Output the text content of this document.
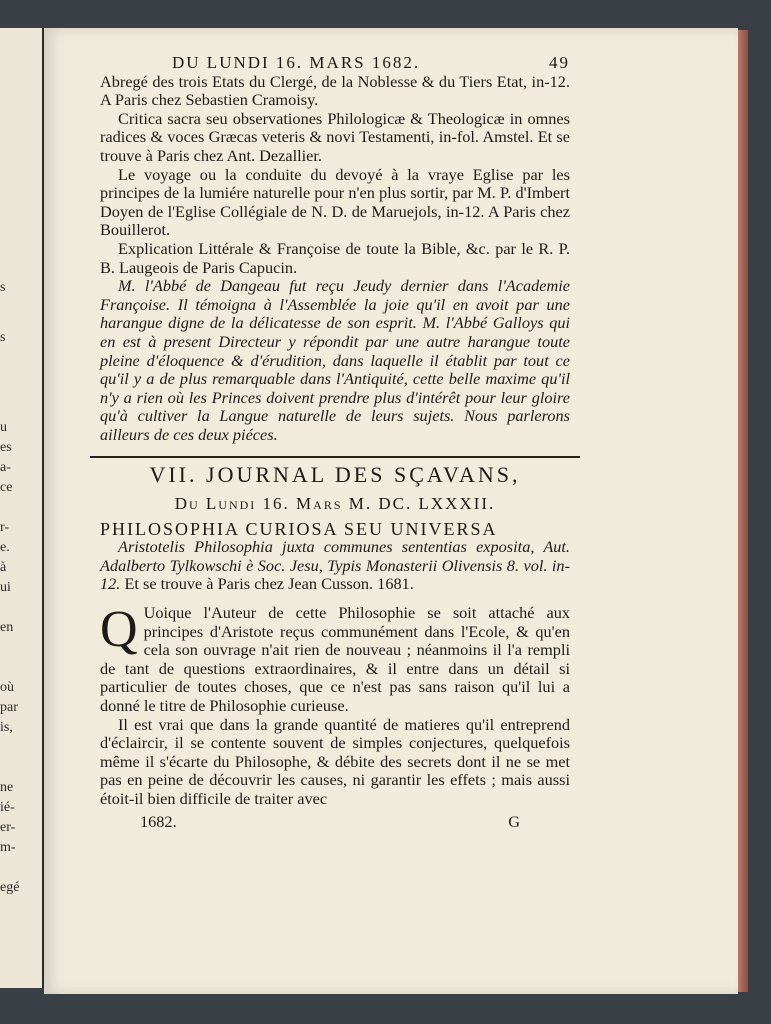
s
s
u
es
a-
ce
r-
e.
à
ui
en
où
par
is,
ne
ié-
er-
m-
egé
DU LUNDI 16. MARS 1682.	49

Abregé des trois Etats du Clergé, de la Noblesse & du Tiers Etat, in-12. A Paris chez Sebastien Cramoisy.

Critica sacra seu observationes Philologicæ & Theologicæ in omnes radices & voces Græcas veteris & novi Testamenti, in-fol. Amstel. Et se trouve à Paris chez Ant. Dezallier.

Le voyage ou la conduite du devoyé à la vraye Eglise par les principes de la lumiére naturelle pour n'en plus sortir, par M. P. d'Imbert Doyen de l'Eglise Collégiale de N. D. de Maruejols, in-12. A Paris chez Bouillerot.

Explication Littérale & Françoise de toute la Bible, &c. par le R. P. B. Laugeois de Paris Capucin.

M. l'Abbé de Dangeau fut reçu Jeudy dernier dans l'Academie Françoise. Il témoigna à l'Assemblée la joie qu'il en avoit par une harangue digne de la délicatesse de son esprit. M. l'Abbé Galloys qui en est à present Directeur y répondit par une autre harangue toute pleine d'éloquence & d'érudition, dans laquelle il établit par tout ce qu'il y a de plus remarquable dans l'Antiquité, cette belle maxime qu'il n'y a rien où les Princes doivent prendre plus d'intérêt pour leur gloire qu'à cultiver la Langue naturelle de leurs sujets. Nous parlerons ailleurs de ces deux piéces.

VII. JOURNAL DES SÇAVANS,
Du Lundi 16. Mars M. DC. LXXXII.

PHILOSOPHIA CURIOSA SEU UNIVERSA

Aristotelis Philosophia juxta communes sententias exposita, Aut. Adalberto Tylkowschi è Soc. Jesu, Typis Monasterii Olivensis 8. vol. in-12. Et se trouve à Paris chez Jean Cusson. 1681.

Q Uoique l'Auteur de cette Philosophie se soit attaché aux principes d'Aristote reçus communément dans l'Ecole, & qu'en cela son ouvrage n'ait rien de nouveau ; néanmoins il l'a rempli de tant de questions extraordinaires, & il entre dans un détail si particulier de toutes choses, que ce n'est pas sans raison qu'il lui a donné le titre de Philosophie curieuse.

Il est vrai que dans la grande quantité de matieres qu'il entreprend d'éclaircir, il se contente souvent de simples conjectures, quelquefois même il s'écarte du Philosophe, & débite des secrets dont il ne se met pas en peine de découvrir les causes, ni garantir les effets ; mais aussi étoit-il bien difficile de traiter avec

1682.	G
